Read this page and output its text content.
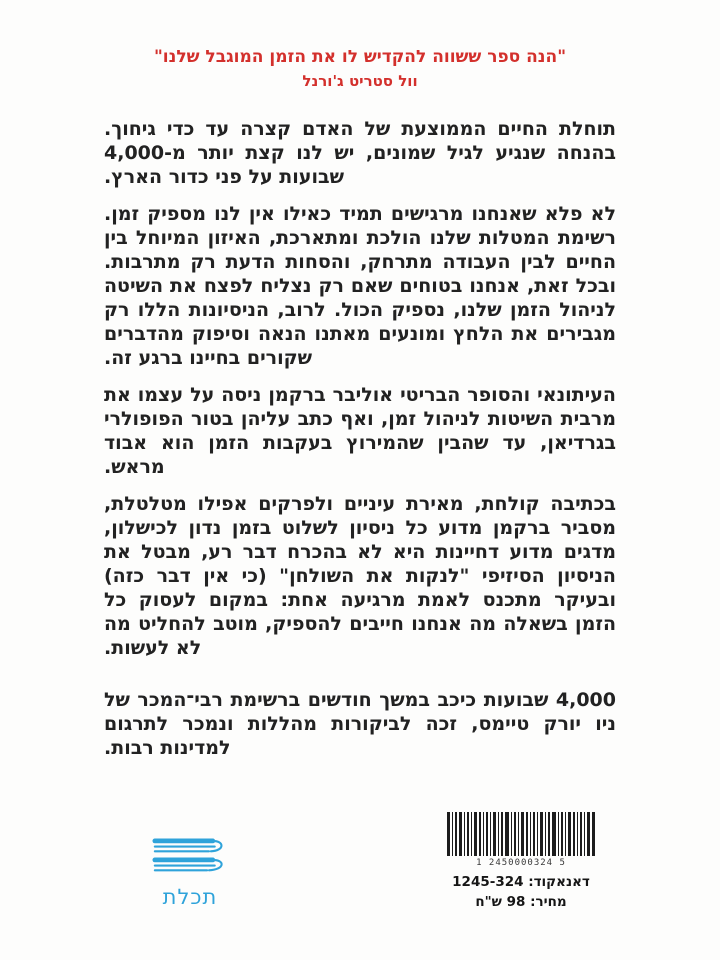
"הנה ספר ששווה להקדיש לו את הזמן המוגבל שלנו"
וול סטריט ג'ורנל

תוחלת החיים הממוצעת של האדם קצרה עד כדי גיחוך. בהנחה שנגיע לגיל שמונים, יש לנו קצת יותר מ-4,000 שבועות על פני כדור הארץ.

לא פלא שאנחנו מרגישים תמיד כאילו אין לנו מספיק זמן. רשימת המטלות שלנו הולכת ומתארכת, האיזון המיוחל בין החיים לבין העבודה מתרחק, והסחות הדעת רק מתרבות. ובכל זאת, אנחנו בטוחים שאם רק נצליח לפצח את השיטה לניהול הזמן שלנו, נספיק הכול. לרוב, הניסיונות הללו רק מגבירים את הלחץ ומונעים מאתנו הנאה וסיפוק מהדברים שקורים בחיינו ברגע זה.

העיתונאי והסופר הבריטי אוליבר ברקמן ניסה על עצמו את מרבית השיטות לניהול זמן, ואף כתב עליהן בטור הפופולרי בגרדיאן, עד שהבין שהמירוץ בעקבות הזמן הוא אבוד מראש.

בכתיבה קולחת, מאירת עיניים ולפרקים אפילו מטלטלת, מסביר ברקמן מדוע כל ניסיון לשלוט בזמן נדון לכישלון, מדגים מדוע דחיינות היא לא בהכרח דבר רע, מבטל את הניסיון הסיזיפי "לנקות את השולחן" (כי אין דבר כזה) ובעיקר מתכנס לאמת מרגיעה אחת: במקום לעסוק כל הזמן בשאלה מה אנחנו חייבים להספיק, מוטב להחליט מה לא לעשות.

4,000 שבועות כיכב במשך חודשים ברשימת רבי־המכר של ניו יורק טיימס, זכה לביקורות מהללות ונמכר לתרגום למדינות רבות.

תכלת
1 2450000324 5
דאנאקוד: 1245-324
מחיר: 98 ש"ח
